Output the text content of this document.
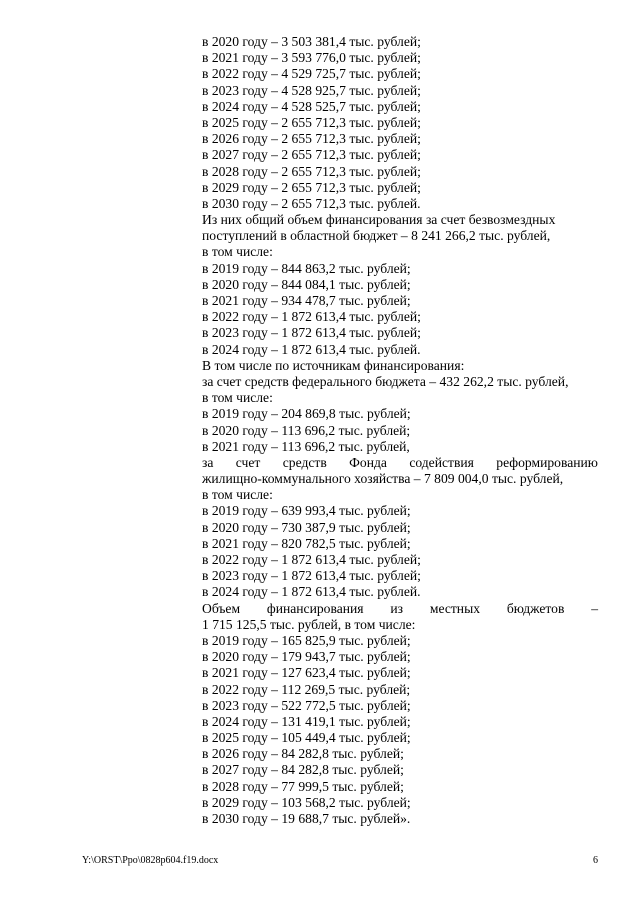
в 2020 году – 3 503 381,4 тыс. рублей;
в 2021 году – 3 593 776,0 тыс. рублей;
в 2022 году – 4 529 725,7 тыс. рублей;
в 2023 году – 4 528 925,7 тыс. рублей;
в 2024 году – 4 528 525,7 тыс. рублей;
в 2025 году – 2 655 712,3 тыс. рублей;
в 2026 году – 2 655 712,3 тыс. рублей;
в 2027 году – 2 655 712,3 тыс. рублей;
в 2028 году – 2 655 712,3 тыс. рублей;
в 2029 году – 2 655 712,3 тыс. рублей;
в 2030 году – 2 655 712,3 тыс. рублей.
Из них общий объем финансирования за счет безвозмездных
поступлений в областной бюджет – 8 241 266,2 тыс. рублей,
в том числе:
в 2019 году – 844 863,2 тыс. рублей;
в 2020 году – 844 084,1 тыс. рублей;
в 2021 году – 934 478,7 тыс. рублей;
в 2022 году – 1 872 613,4 тыс. рублей;
в 2023 году – 1 872 613,4 тыс. рублей;
в 2024 году – 1 872 613,4 тыс. рублей.
В том числе по источникам финансирования:
за счет средств федерального бюджета – 432 262,2 тыс. рублей,
в том числе:
в 2019 году – 204 869,8 тыс. рублей;
в 2020 году – 113 696,2 тыс. рублей;
в 2021 году – 113 696,2 тыс. рублей,
за счет средств Фонда содействия реформированию
жилищно-коммунального хозяйства – 7 809 004,0 тыс. рублей,
в том числе:
в 2019 году – 639 993,4 тыс. рублей;
в 2020 году – 730 387,9 тыс. рублей;
в 2021 году – 820 782,5 тыс. рублей;
в 2022 году – 1 872 613,4 тыс. рублей;
в 2023 году – 1 872 613,4 тыс. рублей;
в 2024 году – 1 872 613,4 тыс. рублей.
Объем финансирования из местных бюджетов –
1 715 125,5 тыс. рублей, в том числе:
в 2019 году – 165 825,9 тыс. рублей;
в 2020 году – 179 943,7 тыс. рублей;
в 2021 году – 127 623,4 тыс. рублей;
в 2022 году – 112 269,5 тыс. рублей;
в 2023 году – 522 772,5 тыс. рублей;
в 2024 году – 131 419,1 тыс. рублей;
в 2025 году – 105 449,4 тыс. рублей;
в 2026 году – 84 282,8 тыс. рублей;
в 2027 году – 84 282,8 тыс. рублей;
в 2028 году – 77 999,5 тыс. рублей;
в 2029 году – 103 568,2 тыс. рублей;
в 2030 году – 19 688,7 тыс. рублей».
Y:\ORST\Ppo\0828p604.f19.docx	6
